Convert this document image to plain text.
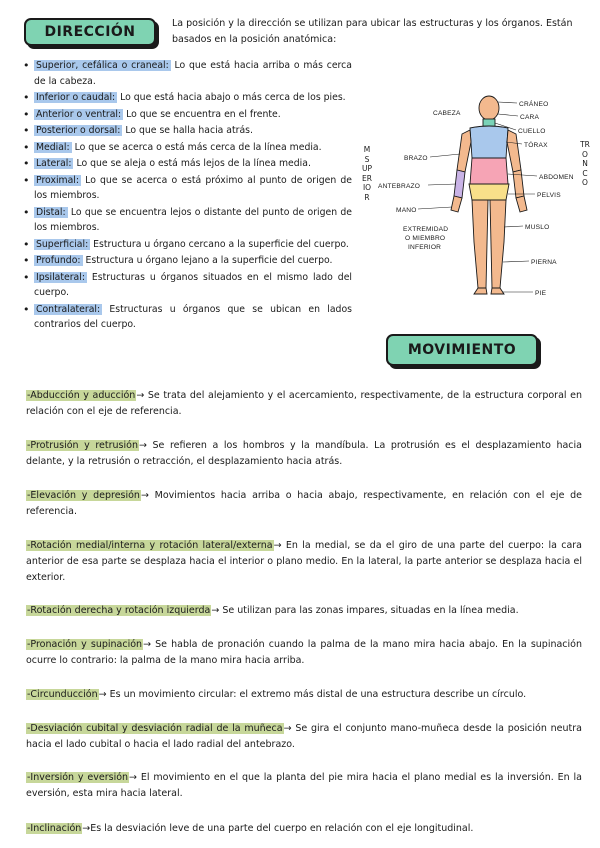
DIRECCIÓN

La posición y la dirección se utilizan para ubicar las estructuras y los órganos. Están basados en la posición anatómica:

• Superior, cefálica o craneal: Lo que está hacia arriba o más cerca de la cabeza.
• Inferior o caudal: Lo que está hacia abajo o más cerca de los pies.
• Anterior o ventral: Lo que se encuentra en el frente.
• Posterior o dorsal: Lo que se halla hacia atrás.
• Medial: Lo que se acerca o está más cerca de la línea media.
• Lateral: Lo que se aleja o está más lejos de la línea media.
• Proximal: Lo que se acerca o está próximo al punto de origen de los miembros.
• Distal: Lo que se encuentra lejos o distante del punto de origen de los miembros.
• Superficial: Estructura u órgano cercano a la superficie del cuerpo.
• Profundo: Estructura u órgano lejano a la superficie del cuerpo.
• Ipsilateral: Estructuras u órganos situados en el mismo lado del cuerpo.
• Contralateral: Estructuras u órganos que se ubican en lados contrarios del cuerpo.
MSUPERIOR
TRONCO
CABEZA
CRÁNEO
CARA
CUELLO
TÓRAX
BRAZO
ABDOMEN
ANTEBRAZO
PELVIS
MANO
MUSLO
EXTREMIDAD
O MIEMBRO
INFERIOR
PIERNA
PIE
MOVIMIENTO

-Abducción y aducción→ Se trata del alejamiento y el acercamiento, respectivamente, de la estructura corporal en relación con el eje de referencia.

-Protrusión y retrusión→ Se refieren a los hombros y la mandíbula. La protrusión es el desplazamiento hacia delante, y la retrusión o retracción, el desplazamiento hacia atrás.

-Elevación y depresión→ Movimientos hacia arriba o hacia abajo, respectivamente, en relación con el eje de referencia.

-Rotación medial/interna y rotación lateral/externa→ En la medial, se da el giro de una parte del cuerpo: la cara anterior de esa parte se desplaza hacia el interior o plano medio. En la lateral, la parte anterior se desplaza hacia el exterior.

-Rotación derecha y rotación izquierda→ Se utilizan para las zonas impares, situadas en la línea media.

-Pronación y supinación→ Se habla de pronación cuando la palma de la mano mira hacia abajo. En la supinación ocurre lo contrario: la palma de la mano mira hacia arriba.

-Circunducción→ Es un movimiento circular: el extremo más distal de una estructura describe un círculo.

-Desviación cubital y desviación radial de la muñeca→ Se gira el conjunto mano-muñeca desde la posición neutra hacia el lado cubital o hacia el lado radial del antebrazo.

-Inversión y eversión→ El movimiento en el que la planta del pie mira hacia el plano medial es la inversión. En la eversión, esta mira hacia lateral.

-Inclinación→Es la desviación leve de una parte del cuerpo en relación con el eje longitudinal.
